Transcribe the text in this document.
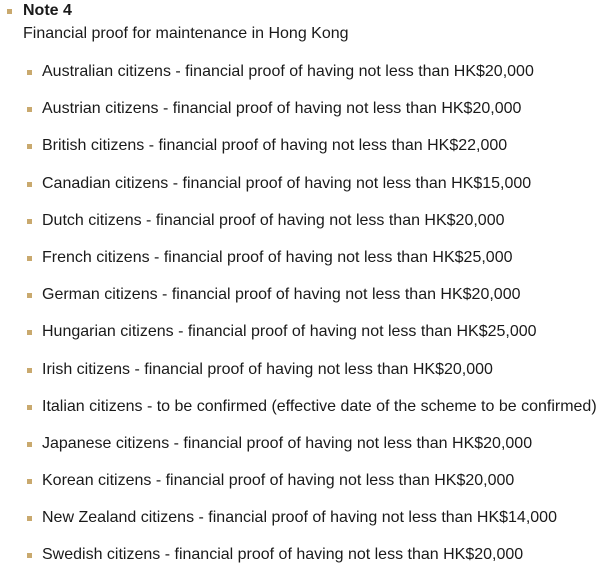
Note 4
Financial proof for maintenance in Hong Kong
Australian citizens - financial proof of having not less than HK$20,000
Austrian citizens - financial proof of having not less than HK$20,000
British citizens - financial proof of having not less than HK$22,000
Canadian citizens - financial proof of having not less than HK$15,000
Dutch citizens - financial proof of having not less than HK$20,000
French citizens - financial proof of having not less than HK$25,000
German citizens - financial proof of having not less than HK$20,000
Hungarian citizens - financial proof of having not less than HK$25,000
Irish citizens - financial proof of having not less than HK$20,000
Italian citizens - to be confirmed (effective date of the scheme to be confirmed)
Japanese citizens - financial proof of having not less than HK$20,000
Korean citizens - financial proof of having not less than HK$20,000
New Zealand citizens - financial proof of having not less than HK$14,000
Swedish citizens - financial proof of having not less than HK$20,000
